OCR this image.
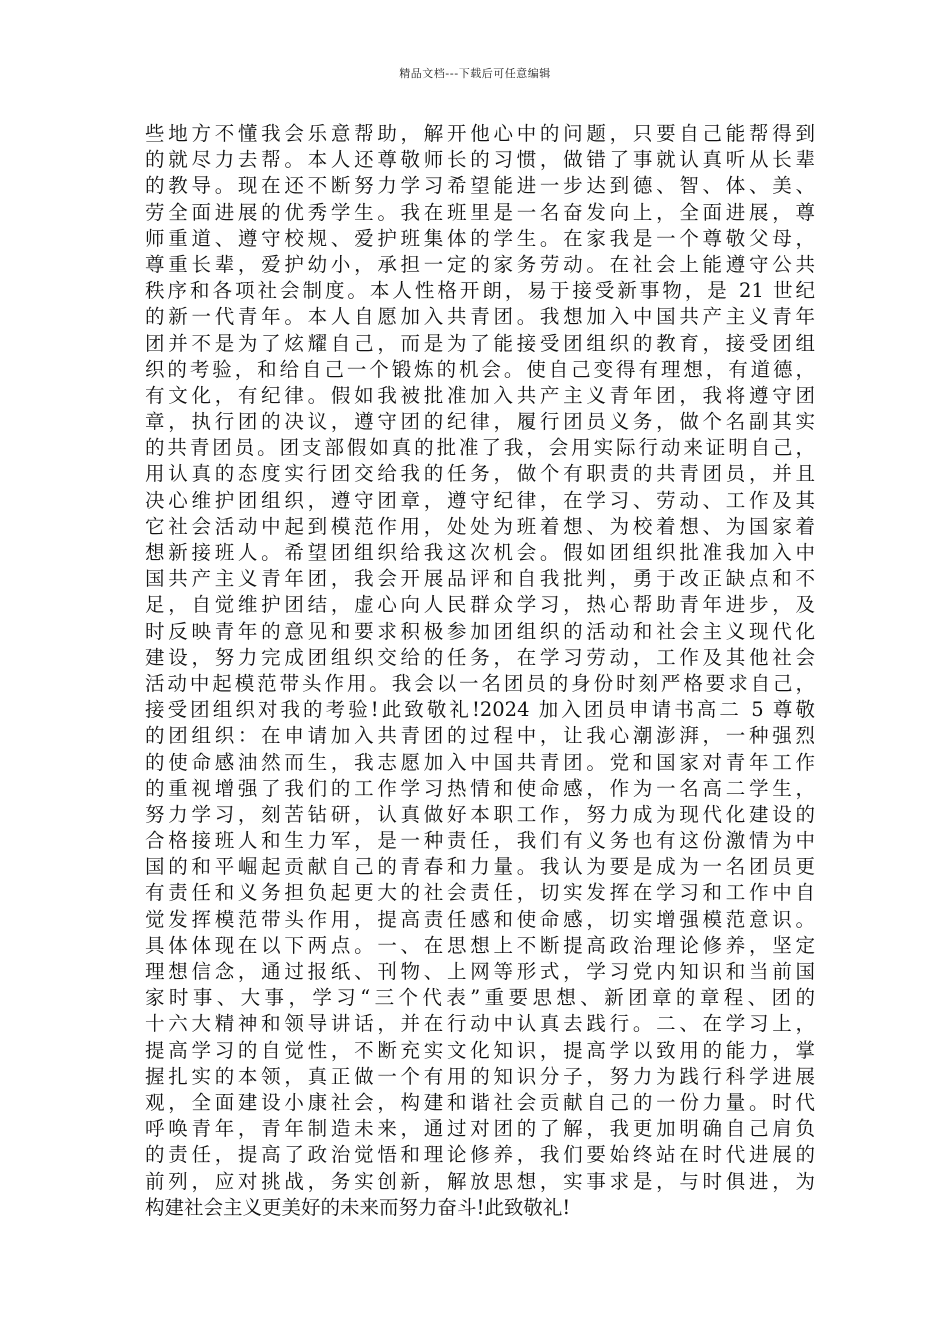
精品文档---下载后可任意编辑
些地方不懂我会乐意帮助，解开他心中的问题，只要自己能帮得到
的就尽力去帮。本人还尊敬师长的习惯，做错了事就认真听从长辈
的教导。现在还不断努力学习希望能进一步达到德、智、体、美、
劳全面进展的优秀学生。我在班里是一名奋发向上，全面进展，尊
师重道、遵守校规、爱护班集体的学生。在家我是一个尊敬父母，
尊重长辈，爱护幼小，承担一定的家务劳动。在社会上能遵守公共
秩序和各项社会制度。本人性格开朗，易于接受新事物，是 21 世纪
的新一代青年。本人自愿加入共青团。我想加入中国共产主义青年
团并不是为了炫耀自己，而是为了能接受团组织的教育，接受团组
织的考验，和给自己一个锻炼的机会。使自己变得有理想，有道德，
有文化，有纪律。假如我被批准加入共产主义青年团，我将遵守团
章，执行团的决议，遵守团的纪律，履行团员义务，做个名副其实
的共青团员。团支部假如真的批准了我，会用实际行动来证明自己，
用认真的态度实行团交给我的任务，做个有职责的共青团员，并且
决心维护团组织，遵守团章，遵守纪律，在学习、劳动、工作及其
它社会活动中起到模范作用，处处为班着想、为校着想、为国家着
想新接班人。希望团组织给我这次机会。假如团组织批准我加入中
国共产主义青年团，我会开展品评和自我批判，勇于改正缺点和不
足，自觉维护团结，虚心向人民群众学习，热心帮助青年进步，及
时反映青年的意见和要求积极参加团组织的活动和社会主义现代化
建设，努力完成团组织交给的任务，在学习劳动，工作及其他社会
活动中起模范带头作用。我会以一名团员的身份时刻严格要求自己，
接受团组织对我的考验!此致敬礼!2024 加入团员申请书高二 5 尊敬
的团组织：在申请加入共青团的过程中，让我心潮澎湃，一种强烈
的使命感油然而生，我志愿加入中国共青团。党和国家对青年工作
的重视增强了我们的工作学习热情和使命感，作为一名高二学生，
努力学习，刻苦钻研，认真做好本职工作，努力成为现代化建设的
合格接班人和生力军，是一种责任，我们有义务也有这份激情为中
国的和平崛起贡献自己的青春和力量。我认为要是成为一名团员更
有责任和义务担负起更大的社会责任，切实发挥在学习和工作中自
觉发挥模范带头作用，提高责任感和使命感，切实增强模范意识。
具体体现在以下两点。一、在思想上不断提高政治理论修养，坚定
理想信念，通过报纸、刊物、上网等形式，学习党内知识和当前国
家时事、大事，学习“三个代表”重要思想、新团章的章程、团的
十六大精神和领导讲话，并在行动中认真去践行。二、在学习上，
提高学习的自觉性，不断充实文化知识，提高学以致用的能力，掌
握扎实的本领，真正做一个有用的知识分子，努力为践行科学进展
观，全面建设小康社会，构建和谐社会贡献自己的一份力量。时代
呼唤青年，青年制造未来，通过对团的了解，我更加明确自己肩负
的责任，提高了政治觉悟和理论修养，我们要始终站在时代进展的
前列，应对挑战，务实创新，解放思想，实事求是，与时俱进，为
构建社会主义更美好的未来而努力奋斗!此致敬礼!
